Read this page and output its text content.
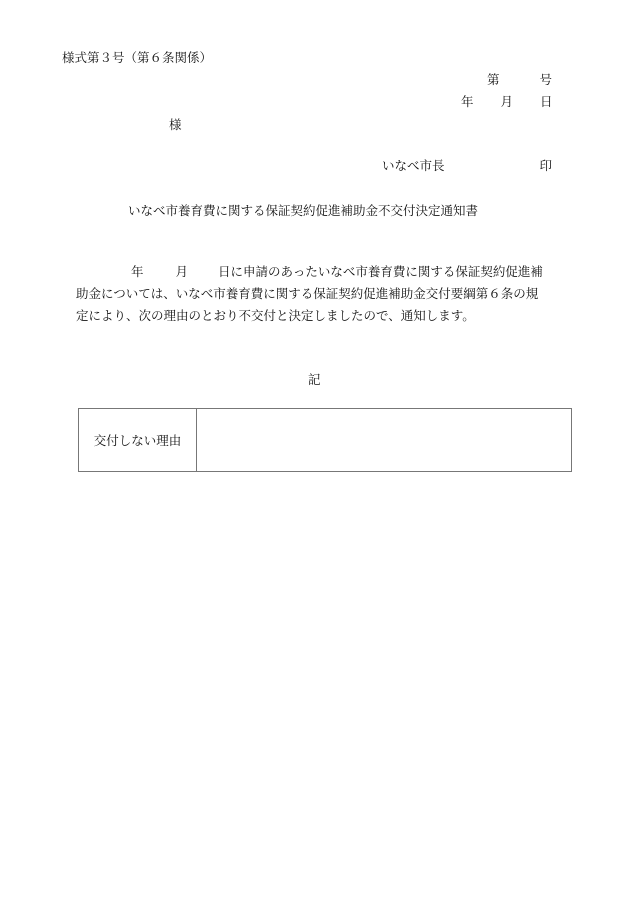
様式第３号（第６条関係）
第	号
年 月 日
様
いなべ市長	印
いなべ市養育費に関する保証契約促進補助金不交付決定通知書
年	月 日に申請のあったいなべ市養育費に関する保証契約促進補
助金については、いなべ市養育費に関する保証契約促進補助金交付要綱第６条の規
定により、次の理由のとおり不交付と決定しましたので、通知します。
記
交付しない理由
